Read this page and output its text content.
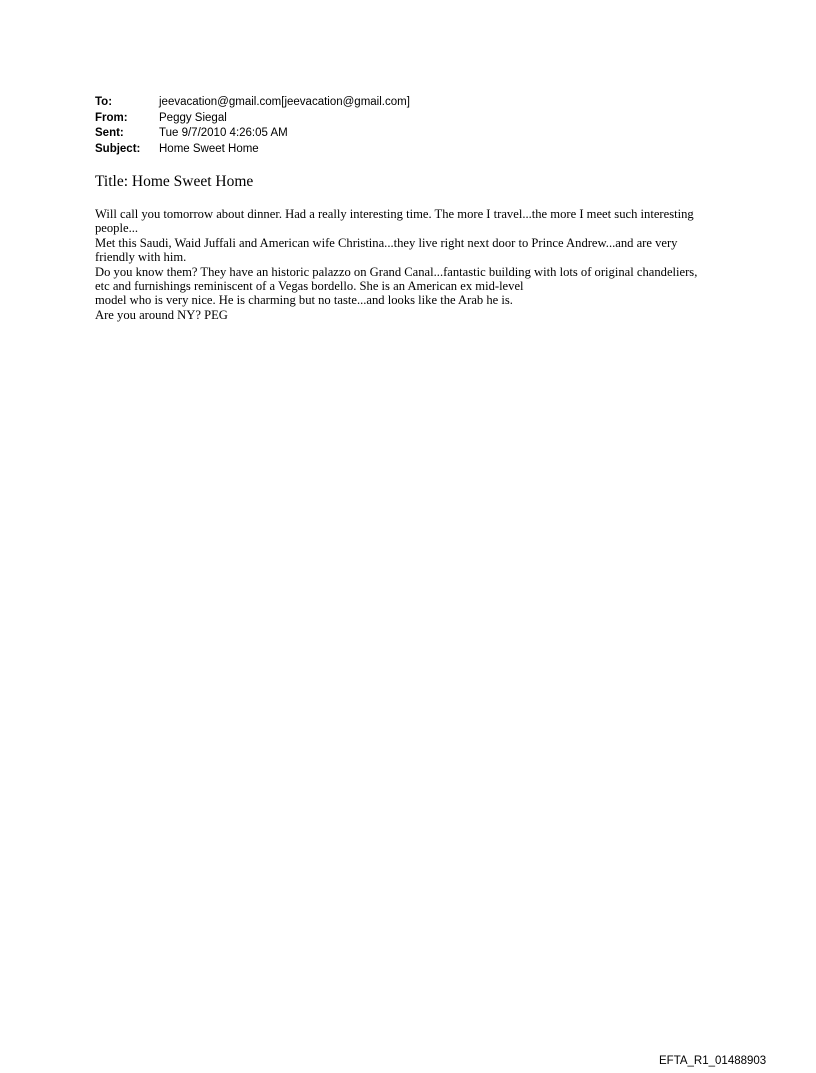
To:	jeevacation@gmail.com[jeevacation@gmail.com]
From:	Peggy Siegal
Sent:	Tue 9/7/2010 4:26:05 AM
Subject:	Home Sweet Home
Title: Home Sweet Home

Will call you tomorrow about dinner. Had a really interesting time. The more I travel...the more I meet such interesting

people...

Met this Saudi, Waid Juffali and American wife Christina...they live right next door to Prince Andrew...and are very

friendly with him.

Do you know them? They have an historic palazzo on Grand Canal...fantastic building with lots of original chandeliers,

etc and furnishings reminiscent of a Vegas bordello. She is an American ex mid-level

model who is very nice. He is charming but no taste...and looks like the Arab he is.

Are you around NY? PEG

EFTA_R1_01488903
